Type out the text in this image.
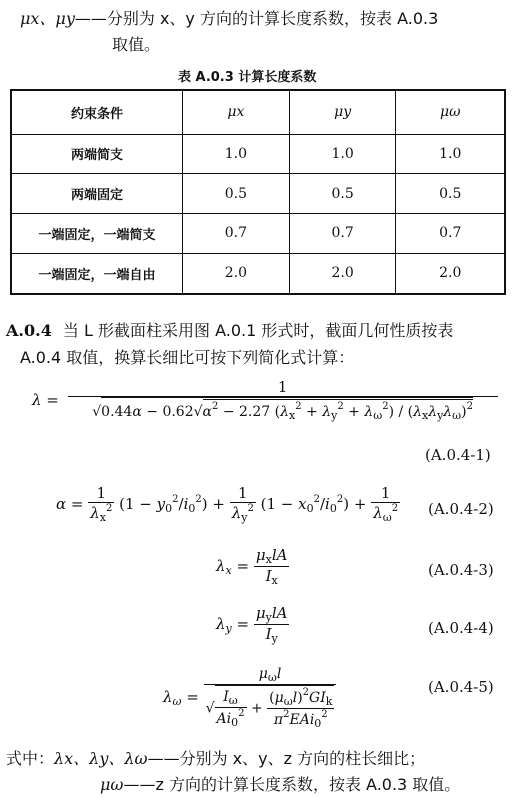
μx、μy——分别为 x、y 方向的计算长度系数，按表 A.0.3
取值。
表 A.0.3 计算长度系数
约束条件	μx	μy	μω
两端简支	1.0	1.0	1.0
两端固定	0.5	0.5	0.5
一端固定，一端简支	0.7	0.7	0.7
一端固定，一端自由	2.0	2.0	2.0
A.0.4 当 L 形截面柱采用图 A.0.1 形式时，截面几何性质按表
A.0.4 取值，换算长细比可按下列简化式计算：
$\lambda = \frac{1}{√0.44\alpha - 0.62√\alpha^2 - 2.27 (\lambda_x^2 + \lambda_y^2 + \lambda_\omega^2) / (\lambda_x\lambda_y\lambda_\omega)^2}$
(A.0.4-1)
$\alpha = \frac{1}{\lambda_x^2} (1 - y_0^2/i_0^2) + \frac{1}{\lambda_y^2} (1 - x_0^2/i_0^2) + \frac{1}{\lambda_\omega^2} (A.0.4-2)$
$\lambda_x = \frac{\mu_xlA}{I_x}$	(A.0.4-3)
$\lambda_y = \frac{\mu_ylA}{I_y}$	(A.0.4-4)
$\lambda_\omega = \frac{\mu_\omega l}{√ \frac{I_\omega}{Ai_0^2} + \frac{(\mu_\omega l)^2GI_k}{\pi^2EAi_0^2}}$	(A.0.4-5)
式中：λx、λy、λω——分别为 x、y、z 方向的柱长细比；
μω——z 方向的计算长度系数，按表 A.0.3 取值。
